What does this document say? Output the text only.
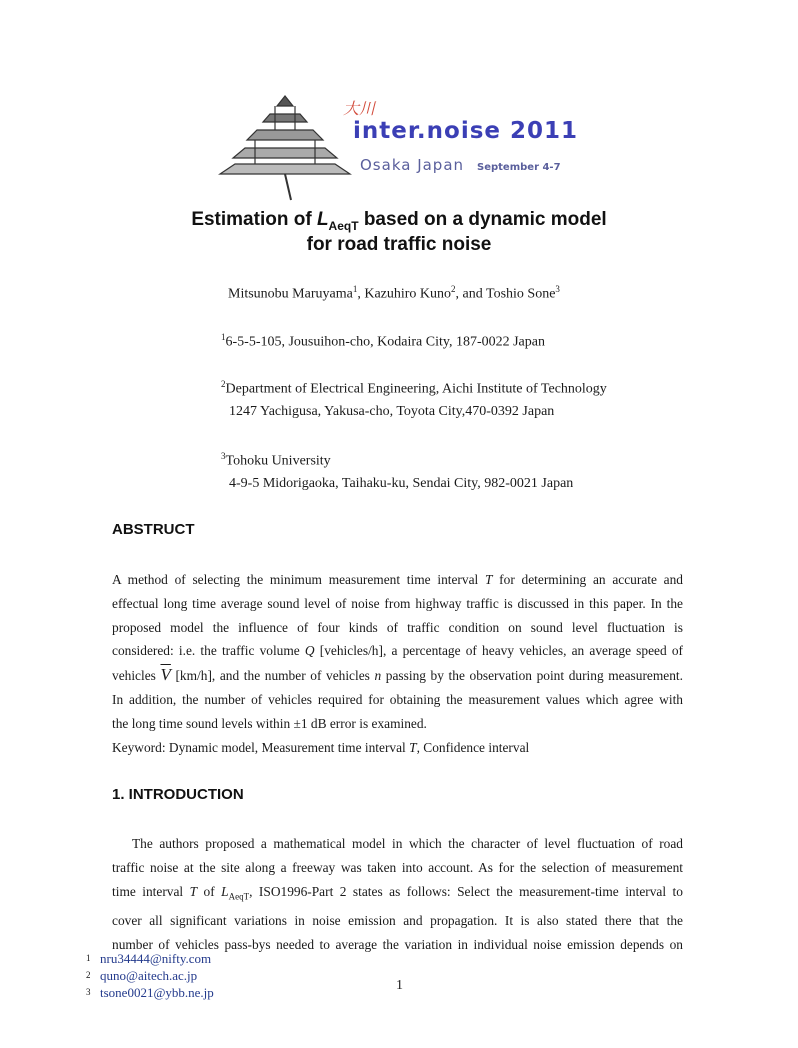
大川
inter.noise 2011
Osaka Japan September 4-7
Estimation of $L_{AeqT}$ based on a dynamic model
for road traffic noise
Mitsunobu Maruyama$^1$, Kazuhiro Kuno$^2$, and Toshio Sone$^3$
$^1$6-5-5-105, Jousuihon-cho, Kodaira City, 187-0022 Japan
$^2$Department of Electrical Engineering, Aichi Institute of Technology
1247 Yachigusa, Yakusa-cho, Toyota City,470-0392 Japan
$^3$Tohoku University
4-9-5 Midorigaoka, Taihaku-ku, Sendai City, 982-0021 Japan
ABSTRUCT
A method of selecting the minimum measurement time interval T for determining an accurate and
effectual long time average sound level of noise from highway traffic is discussed in this paper. In the
proposed model the influence of four kinds of traffic condition on sound level fluctuation is
considered: i.e. the traffic volume Q [vehicles/h], a percentage of heavy vehicles, an average speed of
vehicles $\overline{V}$ [km/h], and the number of vehicles n passing by the observation point during measurement.
In addition, the number of vehicles required for obtaining the measurement values which agree with
the long time sound levels within ±1 dB error is examined.
Keyword: Dynamic model, Measurement time interval T, Confidence interval
1. INTRODUCTION
The authors proposed a mathematical model in which the character of level fluctuation of road
traffic noise at the site along a freeway was taken into account. As for the selection of measurement
time interval T of $L_{AeqT}$, ISO1996-Part 2 states as follows: Select the measurement-time interval to
cover all significant variations in noise emission and propagation. It is also stated there that the
number of vehicles pass-bys needed to average the variation in individual noise emission depends on
1 nru34444@nifty.com
2 quno@aitech.ac.jp
3 tsone0021@ybb.ne.jp	1
